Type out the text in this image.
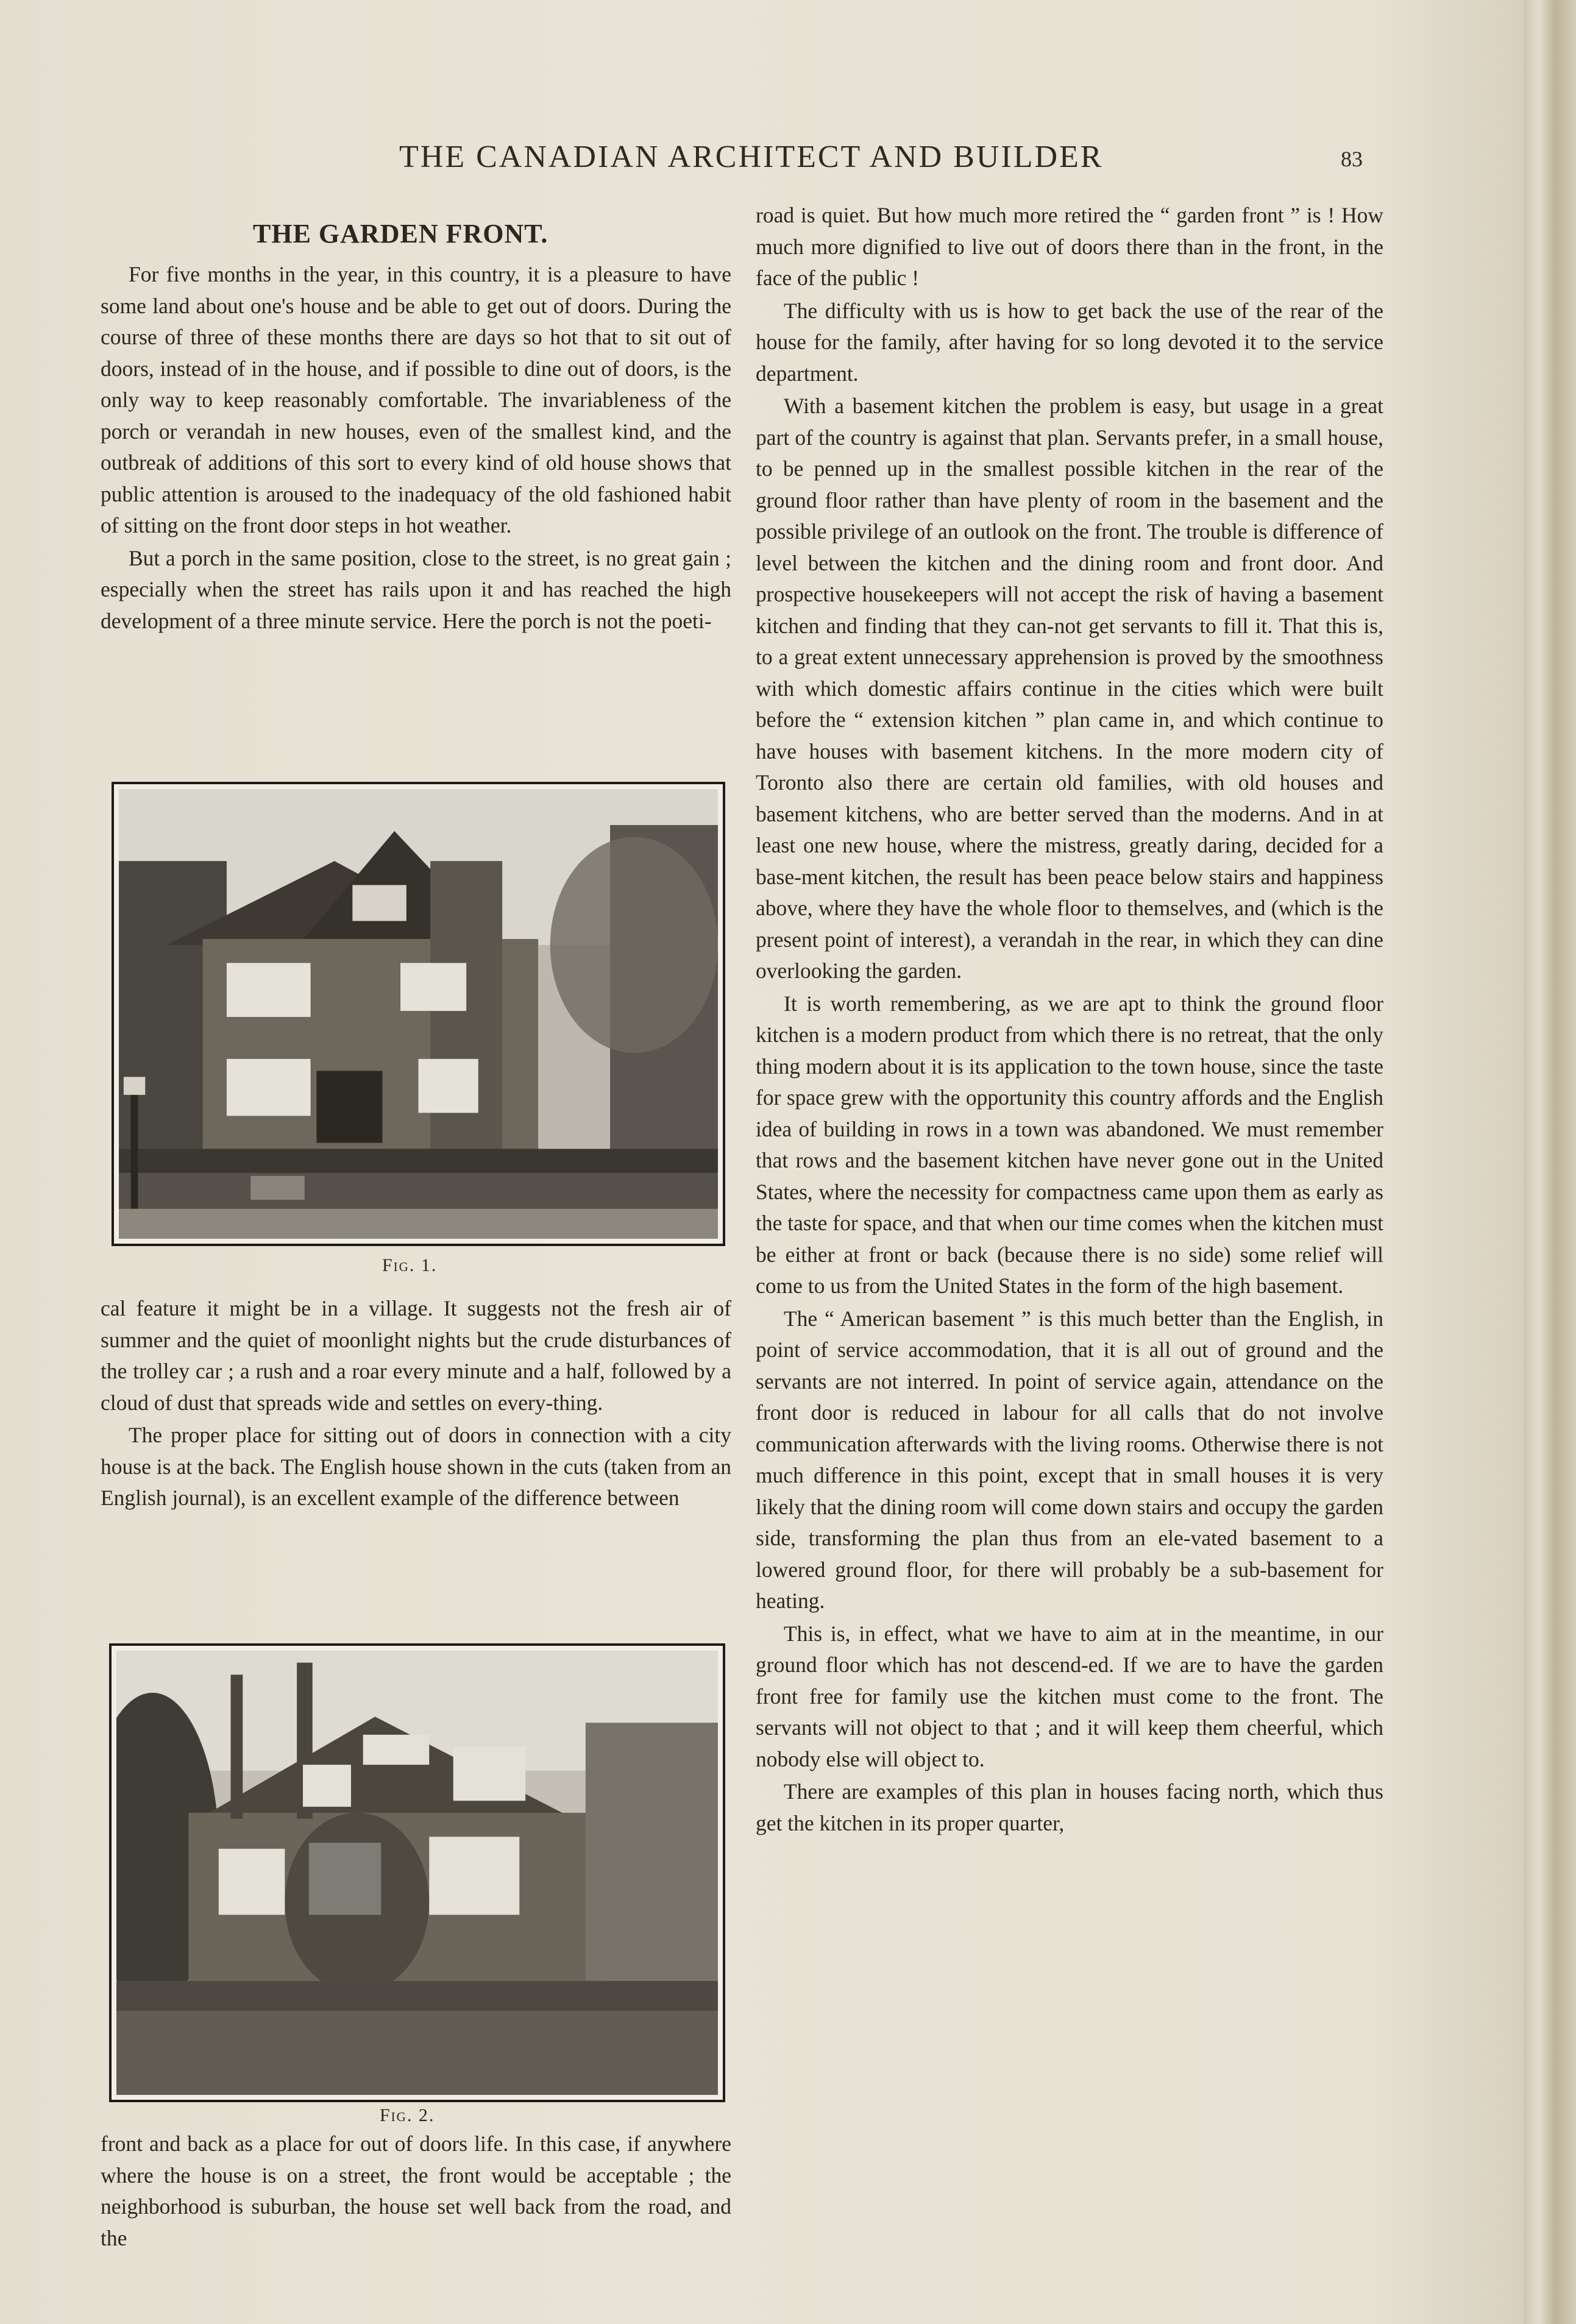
THE CANADIAN ARCHITECT AND BUILDER	83
THE GARDEN FRONT.

For five months in the year, in this country, it is a pleasure to have some land about one's house and be able to get out of doors. During the course of three of these months there are days so hot that to sit out of doors, instead of in the house, and if possible to dine out of doors, is the only way to keep reasonably comfortable. The invariableness of the porch or verandah in new houses, even of the smallest kind, and the outbreak of additions of this sort to every kind of old house shows that public attention is aroused to the inadequacy of the old fashioned habit of sitting on the front door steps in hot weather.

But a porch in the same position, close to the street, is no great gain ; especially when the street has rails upon it and has reached the high development of a three minute service. Here the porch is not the poeti-

Fig. 1.

cal feature it might be in a village. It suggests not the fresh air of summer and the quiet of moonlight nights but the crude disturbances of the trolley car ; a rush and a roar every minute and a half, followed by a cloud of dust that spreads wide and settles on every-thing.

The proper place for sitting out of doors in connection with a city house is at the back. The English house shown in the cuts (taken from an English journal), is an excellent example of the difference between

Fig. 2.

front and back as a place for out of doors life. In this case, if anywhere where the house is on a street, the front would be acceptable ; the neighborhood is suburban, the house set well back from the road, and the

road is quiet. But how much more retired the “ garden front ” is ! How much more dignified to live out of doors there than in the front, in the face of the public !

The difficulty with us is how to get back the use of the rear of the house for the family, after having for so long devoted it to the service department.

With a basement kitchen the problem is easy, but usage in a great part of the country is against that plan. Servants prefer, in a small house, to be penned up in the smallest possible kitchen in the rear of the ground floor rather than have plenty of room in the basement and the possible privilege of an outlook on the front. The trouble is difference of level between the kitchen and the dining room and front door. And prospective housekeepers will not accept the risk of having a basement kitchen and finding that they can-not get servants to fill it. That this is, to a great extent unnecessary apprehension is proved by the smoothness with which domestic affairs continue in the cities which were built before the “ extension kitchen ” plan came in, and which continue to have houses with basement kitchens. In the more modern city of Toronto also there are certain old families, with old houses and basement kitchens, who are better served than the moderns. And in at least one new house, where the mistress, greatly daring, decided for a base-ment kitchen, the result has been peace below stairs and happiness above, where they have the whole floor to themselves, and (which is the present point of interest), a verandah in the rear, in which they can dine overlooking the garden.

It is worth remembering, as we are apt to think the ground floor kitchen is a modern product from which there is no retreat, that the only thing modern about it is its application to the town house, since the taste for space grew with the opportunity this country affords and the English idea of building in rows in a town was abandoned. We must remember that rows and the basement kitchen have never gone out in the United States, where the necessity for compactness came upon them as early as the taste for space, and that when our time comes when the kitchen must be either at front or back (because there is no side) some relief will come to us from the United States in the form of the high basement.

The “ American basement ” is this much better than the English, in point of service accommodation, that it is all out of ground and the servants are not interred. In point of service again, attendance on the front door is reduced in labour for all calls that do not involve communication afterwards with the living rooms. Otherwise there is not much difference in this point, except that in small houses it is very likely that the dining room will come down stairs and occupy the garden side, transforming the plan thus from an ele-vated basement to a lowered ground floor, for there will probably be a sub-basement for heating.

This is, in effect, what we have to aim at in the meantime, in our ground floor which has not descend-ed. If we are to have the garden front free for family use the kitchen must come to the front. The servants will not object to that ; and it will keep them cheerful, which nobody else will object to.

There are examples of this plan in houses facing north, which thus get the kitchen in its proper quarter,
